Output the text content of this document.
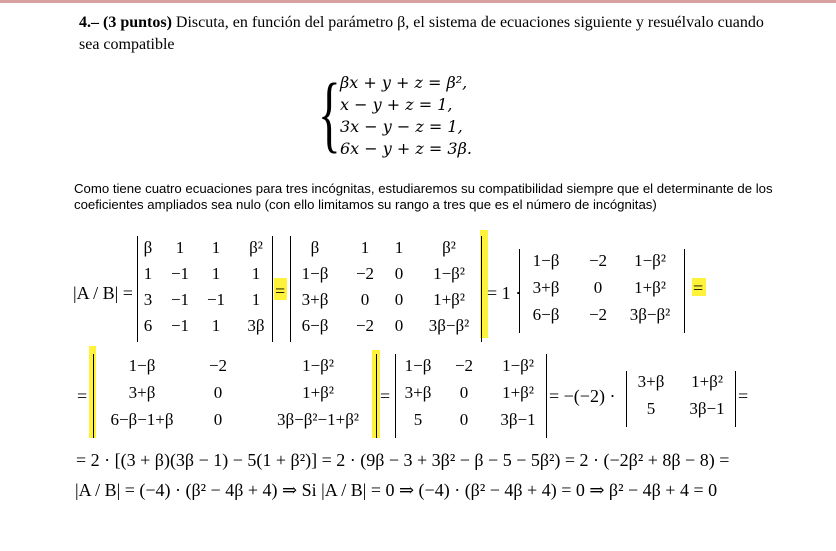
4.– (3 puntos) Discuta, en función del parámetro β, el sistema de ecuaciones siguiente y resuélvalo cuando sea compatible
{ βx + y + z = β²,
x − y + z = 1,
3x − y − z = 1,
6x − y + z = 3β.
Como tiene cuatro ecuaciones para tres incógnitas, estudiaremos su compatibilidad siempre que el determinante de los coeficientes ampliados sea nulo (con ello limitamos su rango a tres que es el número de incógnitas)
|A / B| =
β 1 1 β²
1 −1 1 1
3 −1 −1 1
6 −1 1 3β
=
β 1 1 β²
1−β −2 0 1−β²
3+β 0 0 1+β²
6−β −2 0 3β−β²
= 1 ·
1−β −2 1−β²
3+β 0 1+β²
6−β −2 3β−β²
=
=
1−β	−2	1−β²
3+β	0	1+β²
6−β−1+β 0	3β−β²−1+β²
=
1−β −2 1−β²
3+β 0 1+β²
5 0 3β−1
= −(−2) ·
3+β 1+β²
5 3β−1
=
= 2 · [(3 + β)(3β − 1) − 5(1 + β²)] = 2 · (9β − 3 + 3β² − β − 5 − 5β²) = 2 · (−2β² + 8β − 8) =
|A / B| = (−4) · (β² − 4β + 4) ⇒ Si |A / B| = 0 ⇒ (−4) · (β² − 4β + 4) = 0 ⇒ β² − 4β + 4 = 0
